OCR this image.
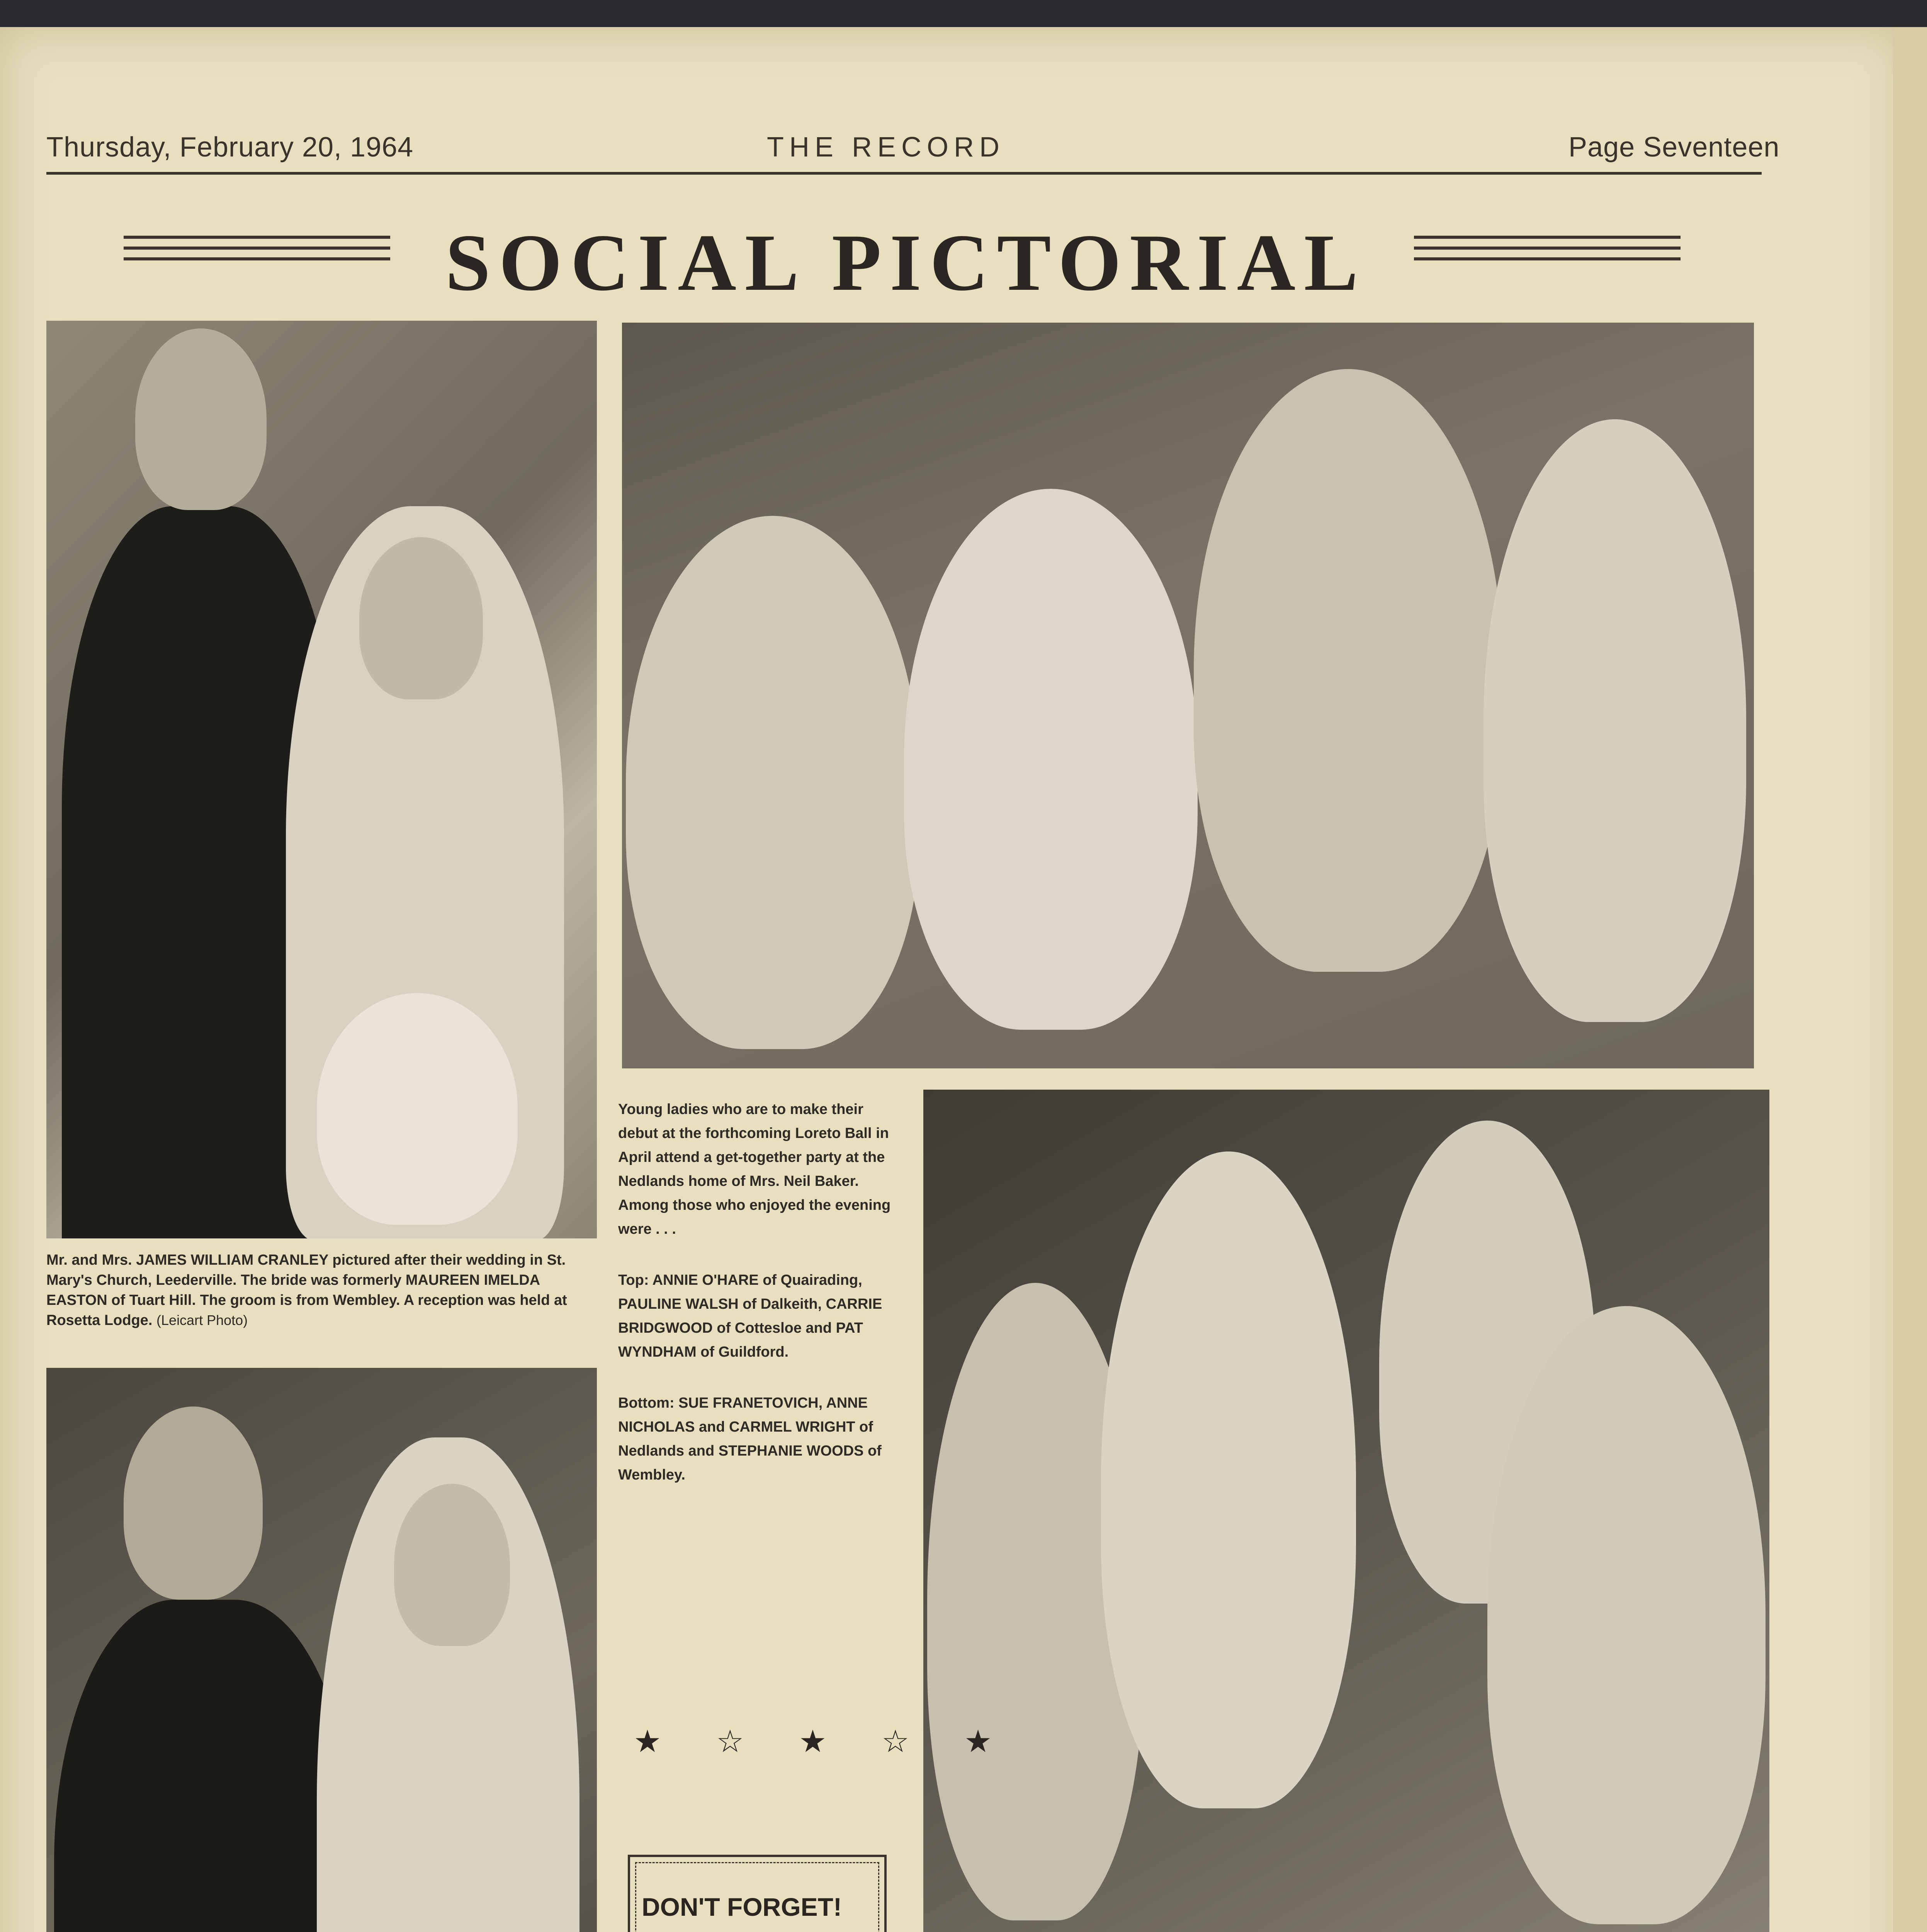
Thursday, February 20, 1964	THE RECORD	Page Seventeen
SOCIAL PICTORIAL
Mr. and Mrs. JAMES WILLIAM CRANLEY pictured after their wedding in St. Mary's Church, Leederville. The bride was formerly MAUREEN IMELDA EASTON of Tuart Hill. The groom is from Wembley. A reception was held at Rosetta Lodge. (Leicart Photo)

Young ladies who are to make their debut at the forthcoming Loreto Ball in April attend a get-together party at the Nedlands home of Mrs. Neil Baker. Among those who enjoyed the evening were . . .

Top: ANNIE O'HARE of Quairading, PAULINE WALSH of Dalkeith, CARRIE BRIDGWOOD of Cottesloe and PAT WYNDHAM of Guildford.

Bottom: SUE FRANETOVICH, ANNE NICHOLAS and CARMEL WRIGHT of Nedlands and STEPHANIE WOODS of Wembley.

★ ☆ ★ ☆ ★
DON'T FORGET!
